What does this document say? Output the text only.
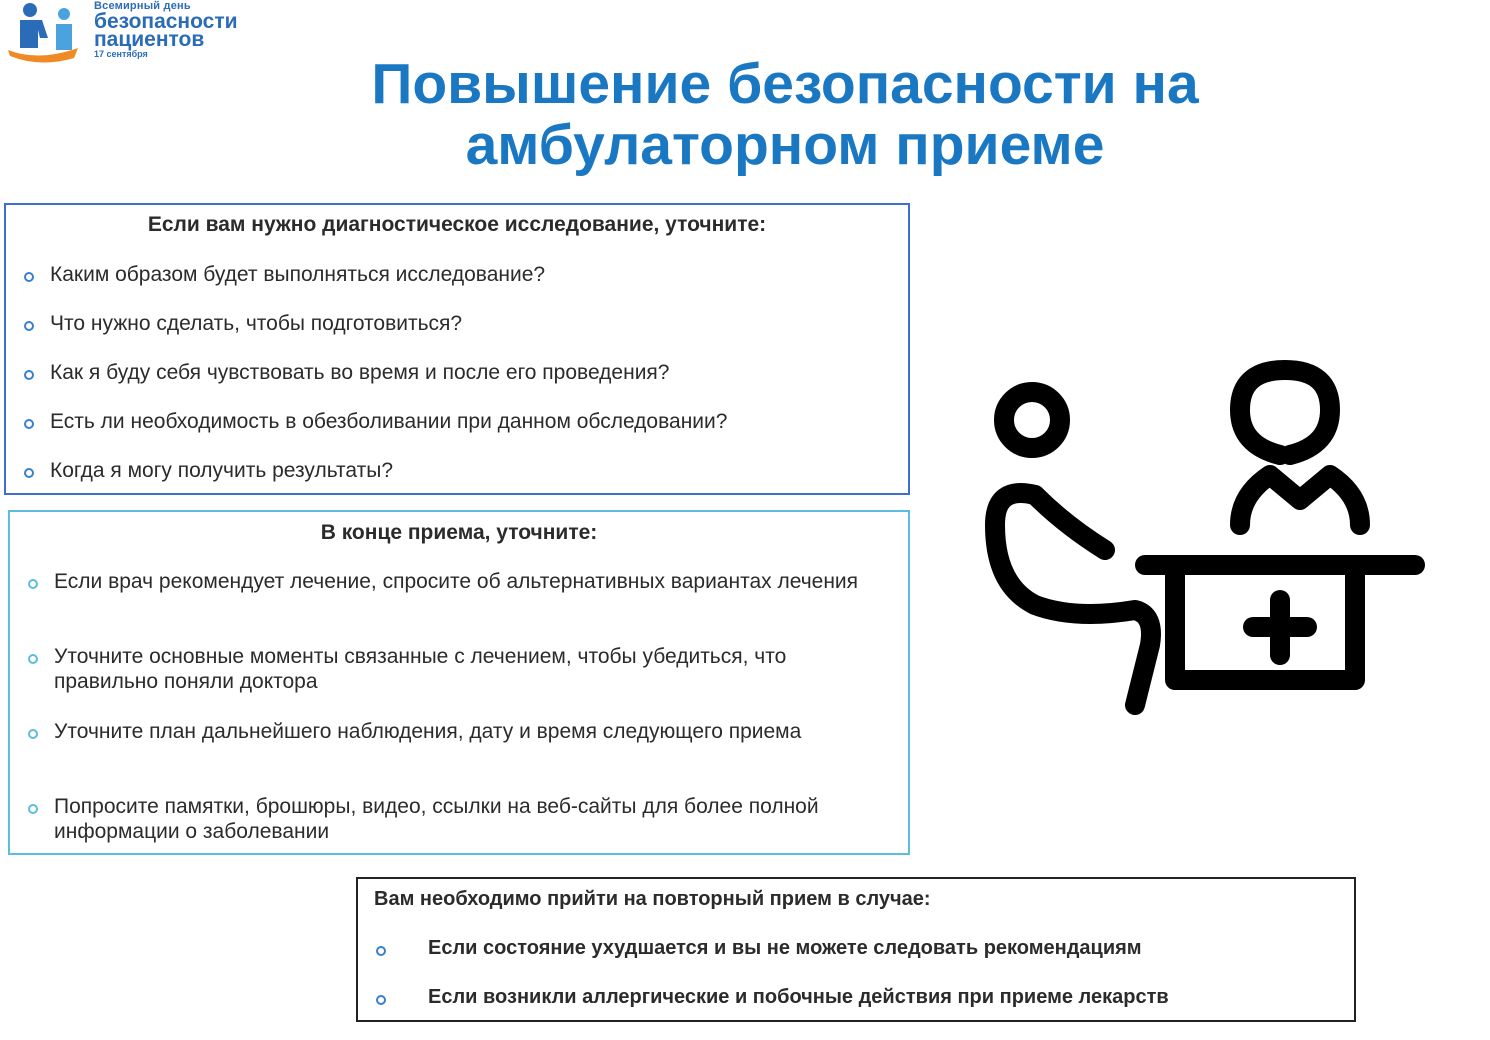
Всемирный день
безопасности
пациентов
17 сентября	Повышение безопасности на
амбулаторном приеме
Если вам нужно диагностическое исследование, уточните:
Каким образом будет выполняться исследование?
Что нужно сделать, чтобы подготовиться?
Как я буду себя чувствовать во время и после его проведения?
Есть ли необходимость в обезболивании при данном обследовании?
Когда я могу получить результаты?
В конце приема, уточните:
Если врач рекомендует лечение, спросите об альтернативных вариантах лечения
Уточните основные моменты связанные с лечением, чтобы убедиться, что правильно поняли доктора
Уточните план дальнейшего наблюдения, дату и время следующего приема
Попросите памятки, брошюры, видео, ссылки на веб-сайты для более полной информации о заболевании
Вам необходимо прийти на повторный прием в случае:
Если состояние ухудшается и вы не можете следовать рекомендациям
Если возникли аллергические и побочные действия при приеме лекарств
